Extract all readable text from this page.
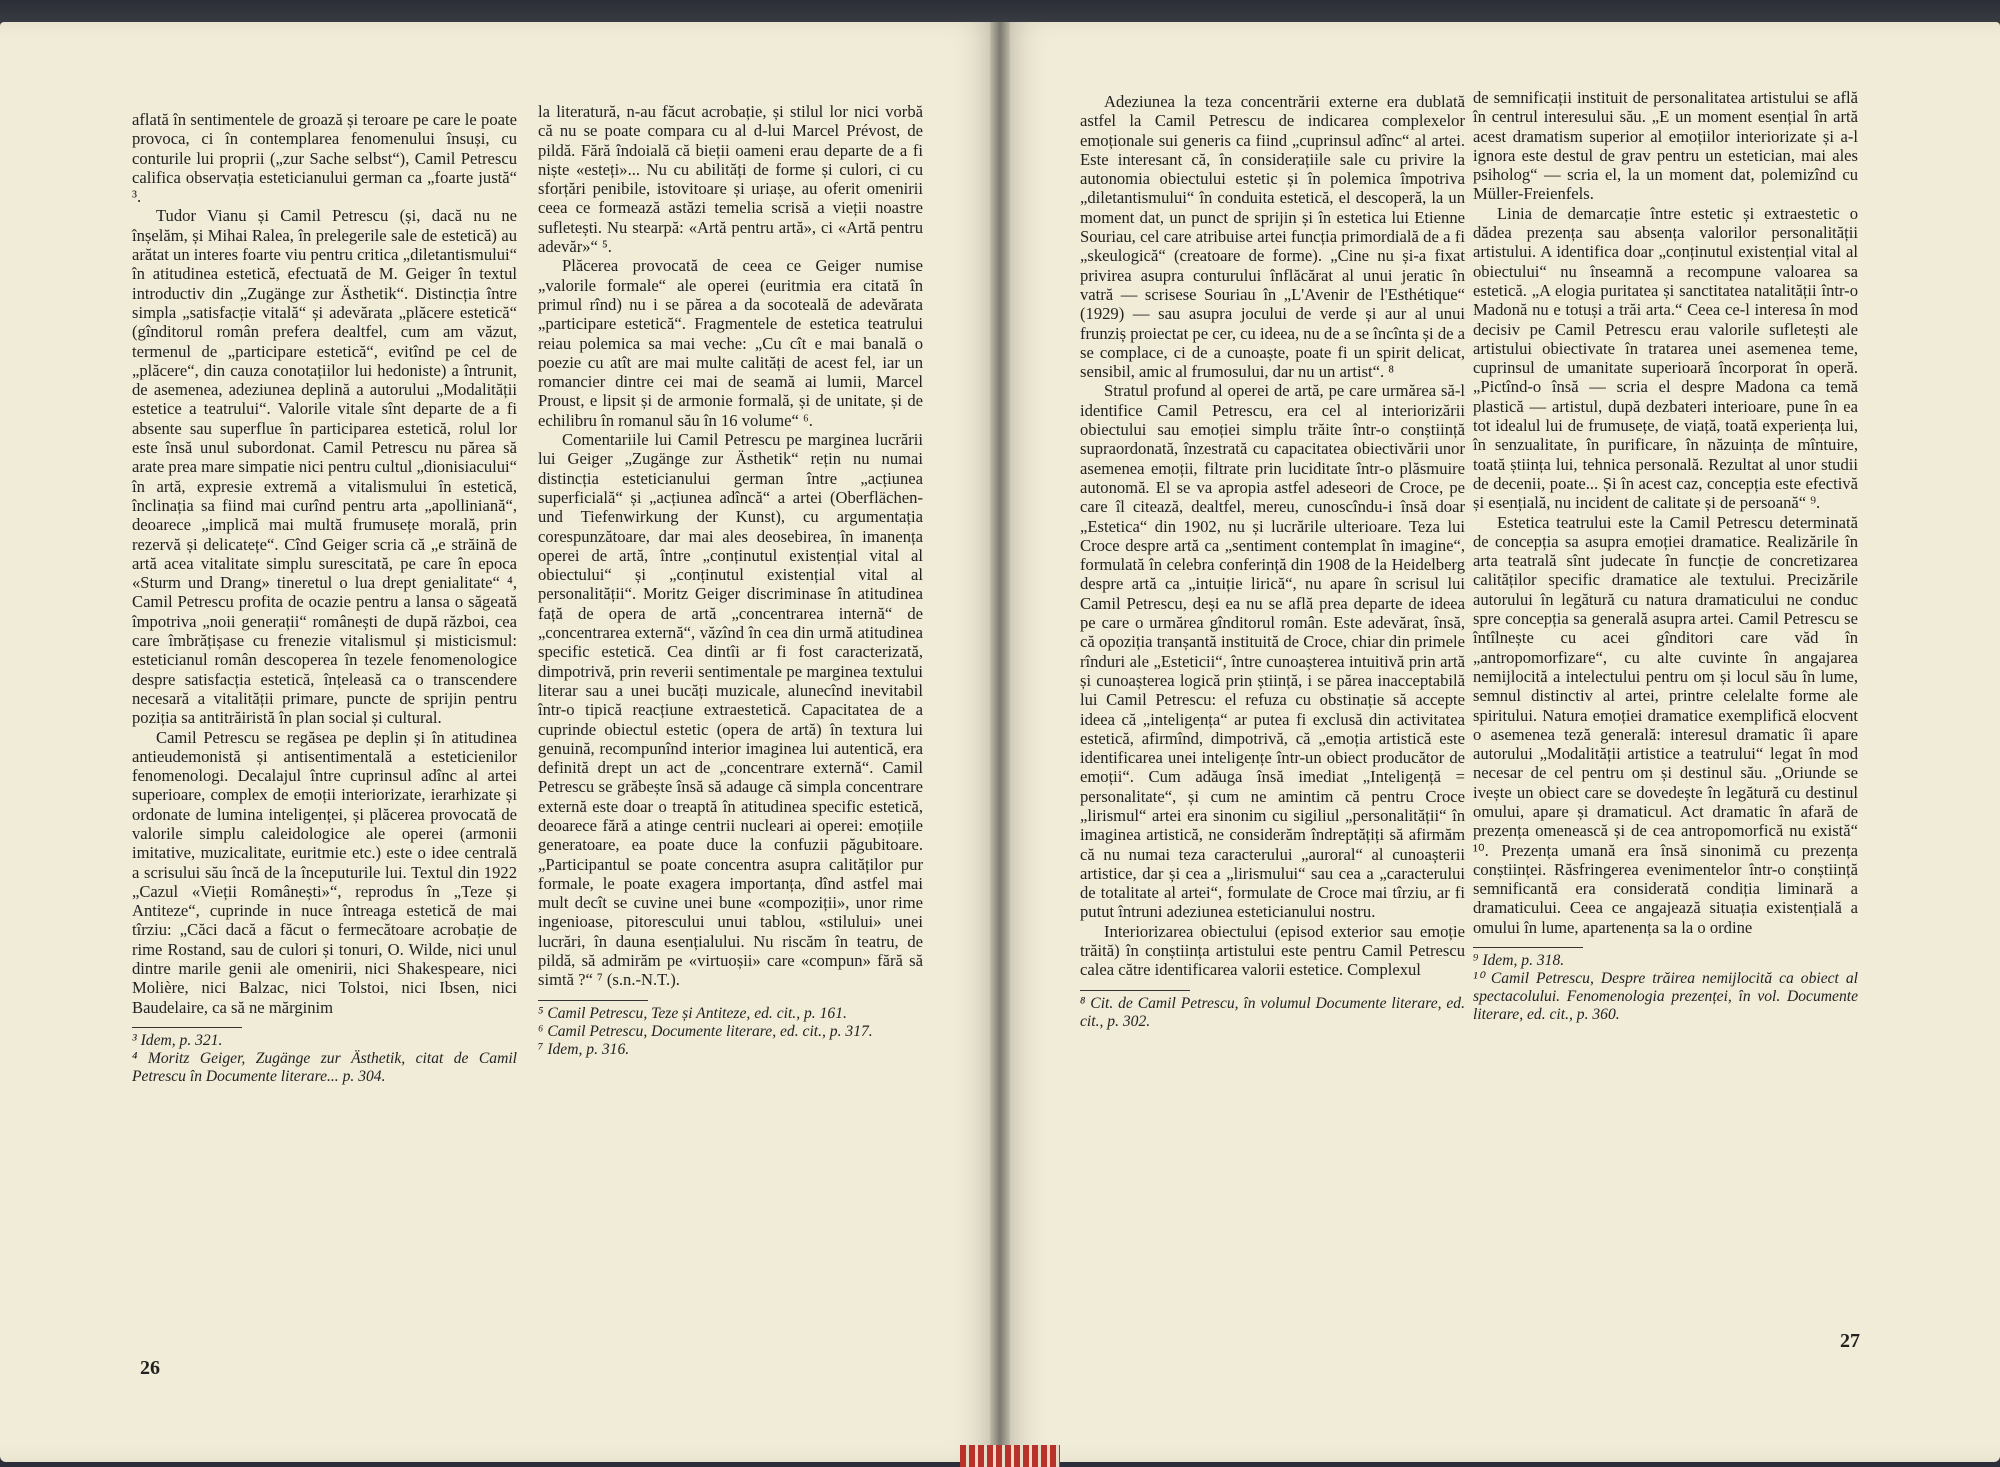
aflată în sentimentele de groază și teroare pe care le poate provoca, ci în contemplarea fenomenului însuși, cu conturile lui proprii („zur Sache selbst“), Camil Petrescu califica observația esteticianului german ca „foarte justă“ ³.

Tudor Vianu și Camil Petrescu (și, dacă nu ne înșelăm, și Mihai Ralea, în prelegerile sale de estetică) au arătat un interes foarte viu pentru critica „diletantismului“ în atitudinea estetică, efectuată de M. Geiger în textul introductiv din „Zugänge zur Ästhetik“. Distincția între simpla „satisfacție vitală“ și adevărata „plăcere estetică“ (gînditorul român prefera dealtfel, cum am văzut, termenul de „participare estetică“, evitînd pe cel de „plăcere“, din cauza conotațiilor lui hedoniste) a întrunit, de asemenea, adeziunea deplină a autorului „Modalității estetice a teatrului“. Valorile vitale sînt departe de a fi absente sau superflue în participarea estetică, rolul lor este însă unul subordonat. Camil Petrescu nu părea să arate prea mare simpatie nici pentru cultul „dionisiacului“ în artă, expresie extremă a vitalismului în estetică, înclinația sa fiind mai curînd pentru arta „apolliniană“, deoarece „implică mai multă frumusețe morală, prin rezervă și delicatețe“. Cînd Geiger scria că „e străină de artă acea vitalitate simplu surescitată, pe care în epoca «Sturm und Drang» tineretul o lua drept genialitate“ ⁴, Camil Petrescu profita de ocazie pentru a lansa o săgeată împotriva „noii generații“ românești de după război, cea care îmbrățișase cu frenezie vitalismul și misticismul: esteticianul român descoperea în tezele fenomenologice despre satisfacția estetică, înțeleasă ca o transcendere necesară a vitalității primare, puncte de sprijin pentru poziția sa antitrăiristă în plan social și cultural.

Camil Petrescu se regăsea pe deplin și în atitudinea antieudemonistă și antisentimentală a esteticienilor fenomenologi. Decalajul între cuprinsul adînc al artei superioare, complex de emoții interiorizate, ierarhizate și ordonate de lumina inteligenței, și plăcerea provocată de valorile simplu caleidologice ale operei (armonii imitative, muzicalitate, euritmie etc.) este o idee centrală a scrisului său încă de la începuturile lui. Textul din 1922 „Cazul «Vieții Românești»“, reprodus în „Teze și Antiteze“, cuprinde in nuce întreaga estetică de mai tîrziu: „Căci dacă a făcut o fermecătoare acrobație de rime Rostand, sau de culori și tonuri, O. Wilde, nici unul dintre marile genii ale omenirii, nici Shakespeare, nici Molière, nici Balzac, nici Tolstoi, nici Ibsen, nici Baudelaire, ca să ne mărginim

³ Idem, p. 321.

⁴ Moritz Geiger, Zugänge zur Ästhetik, citat de Camil Petrescu în Documente literare... p. 304.

la literatură, n-au făcut acrobație, și stilul lor nici vorbă că nu se poate compara cu al d-lui Marcel Prévost, de pildă. Fără îndoială că bieții oameni erau departe de a fi niște «esteți»... Nu cu abilități de forme și culori, ci cu sforțări penibile, istovitoare și uriașe, au oferit omenirii ceea ce formează astăzi temelia scrisă a vieții noastre sufletești. Nu stearpă: «Artă pentru artă», ci «Artă pentru adevăr»“ ⁵.

Plăcerea provocată de ceea ce Geiger numise „valorile formale“ ale operei (euritmia era citată în primul rînd) nu i se părea a da socoteală de adevărata „participare estetică“. Fragmentele de estetica teatrului reiau polemica sa mai veche: „Cu cît e mai banală o poezie cu atît are mai multe calități de acest fel, iar un romancier dintre cei mai de seamă ai lumii, Marcel Proust, e lipsit și de armonie formală, și de unitate, și de echilibru în romanul său în 16 volume“ ⁶.

Comentariile lui Camil Petrescu pe marginea lucrării lui Geiger „Zugänge zur Ästhetik“ rețin nu numai distincția esteticianului german între „acțiunea superficială“ și „acțiunea adîncă“ a artei (Oberflächen- und Tiefenwirkung der Kunst), cu argumentația corespunzătoare, dar mai ales deosebirea, în imanența operei de artă, între „conținutul existențial vital al obiectului“ și „conținutul existențial vital al personalității“. Moritz Geiger discriminase în atitudinea față de opera de artă „concentrarea internă“ de „concentrarea externă“, văzînd în cea din urmă atitudinea specific estetică. Cea dintîi ar fi fost caracterizată, dimpotrivă, prin reverii sentimentale pe marginea textului literar sau a unei bucăți muzicale, alunecînd inevitabil într-o tipică reacțiune extraestetică. Capacitatea de a cuprinde obiectul estetic (opera de artă) în textura lui genuină, recompunînd interior imaginea lui autentică, era definită drept un act de „concentrare externă“. Camil Petrescu se grăbește însă să adauge că simpla concentrare externă este doar o treaptă în atitudinea specific estetică, deoarece fără a atinge centrii nucleari ai operei: emoțiile generatoare, ea poate duce la confuzii păgubitoare. „Participantul se poate concentra asupra calităților pur formale, le poate exagera importanța, dînd astfel mai mult decît se cuvine unei bune «compoziții», unor rime ingenioase, pitorescului unui tablou, «stilului» unei lucrări, în dauna esențialului. Nu riscăm în teatru, de pildă, să admirăm pe «virtuoșii» care «compun» fără să simtă ?“ ⁷ (s.n.-N.T.).

⁵ Camil Petrescu, Teze și Antiteze, ed. cit., p. 161.

⁶ Camil Petrescu, Documente literare, ed. cit., p. 317.

⁷ Idem, p. 316.

26

Adeziunea la teza concentrării externe era dublată astfel la Camil Petrescu de indicarea complexelor emoționale sui generis ca fiind „cuprinsul adînc“ al artei. Este interesant că, în considerațiile sale cu privire la autonomia obiectului estetic și în polemica împotriva „diletantismului“ în conduita estetică, el descoperă, la un moment dat, un punct de sprijin și în estetica lui Etienne Souriau, cel care atribuise artei funcția primordială de a fi „skeulogică“ (creatoare de forme). „Cine nu și-a fixat privirea asupra conturului înflăcărat al unui jeratic în vatră — scrisese Souriau în „L'Avenir de l'Esthétique“ (1929) — sau asupra jocului de verde și aur al unui frunziș proiectat pe cer, cu ideea, nu de a se încînta și de a se complace, ci de a cunoaște, poate fi un spirit delicat, sensibil, amic al frumosului, dar nu un artist“. ⁸

Stratul profund al operei de artă, pe care urmărea să-l identifice Camil Petrescu, era cel al interiorizării obiectului sau emoției simplu trăite într-o conștiință supraordonată, înzestrată cu capacitatea obiectivării unor asemenea emoții, filtrate prin luciditate într-o plăsmuire autonomă. El se va apropia astfel adeseori de Croce, pe care îl citează, dealtfel, mereu, cunoscîndu-i însă doar „Estetica“ din 1902, nu și lucrările ulterioare. Teza lui Croce despre artă ca „sentiment contemplat în imagine“, formulată în celebra conferință din 1908 de la Heidelberg despre artă ca „intuiție lirică“, nu apare în scrisul lui Camil Petrescu, deși ea nu se află prea departe de ideea pe care o urmărea gînditorul român. Este adevărat, însă, că opoziția tranșantă instituită de Croce, chiar din primele rînduri ale „Esteticii“, între cunoașterea intuitivă prin artă și cunoașterea logică prin știință, i se părea inacceptabilă lui Camil Petrescu: el refuza cu obstinație să accepte ideea că „inteligența“ ar putea fi exclusă din activitatea estetică, afirmînd, dimpotrivă, că „emoția artistică este identificarea unei inteligențe într-un obiect producător de emoții“. Cum adăuga însă imediat „Inteligență = personalitate“, și cum ne amintim că pentru Croce „lirismul“ artei era sinonim cu sigiliul „personalității“ în imaginea artistică, ne considerăm îndreptățiți să afirmăm că nu numai teza caracterului „auroral“ al cunoașterii artistice, dar și cea a „lirismului“ sau cea a „caracterului de totalitate al artei“, formulate de Croce mai tîrziu, ar fi putut întruni adeziunea esteticianului nostru.

Interiorizarea obiectului (episod exterior sau emoție trăită) în conștiința artistului este pentru Camil Petrescu calea către identificarea valorii estetice. Complexul

⁸ Cit. de Camil Petrescu, în volumul Documente literare, ed. cit., p. 302.

de semnificații instituit de personalitatea artistului se află în centrul interesului său. „E un moment esențial în artă acest dramatism superior al emoțiilor interiorizate și a-l ignora este destul de grav pentru un estetician, mai ales psiholog“ — scria el, la un moment dat, polemizînd cu Müller-Freienfels.

Linia de demarcație între estetic și extraestetic o dădea prezența sau absența valorilor personalității artistului. A identifica doar „conținutul existențial vital al obiectului“ nu înseamnă a recompune valoarea sa estetică. „A elogia puritatea și sanctitatea natalității într-o Madonă nu e totuși a trăi arta.“ Ceea ce-l interesa în mod decisiv pe Camil Petrescu erau valorile sufletești ale artistului obiectivate în tratarea unei asemenea teme, cuprinsul de umanitate superioară încorporat în operă. „Pictînd-o însă — scria el despre Madona ca temă plastică — artistul, după dezbateri interioare, pune în ea tot idealul lui de frumusețe, de viață, toată experiența lui, în senzualitate, în purificare, în năzuința de mîntuire, toată știința lui, tehnica personală. Rezultat al unor studii de decenii, poate... Și în acest caz, concepția este efectivă și esențială, nu incident de calitate și de persoană“ ⁹.

Estetica teatrului este la Camil Petrescu determinată de concepția sa asupra emoției dramatice. Realizările în arta teatrală sînt judecate în funcție de concretizarea calităților specific dramatice ale textului. Precizările autorului în legătură cu natura dramaticului ne conduc spre concepția sa generală asupra artei. Camil Petrescu se întîlnește cu acei gînditori care văd în „antropomorfizare“, cu alte cuvinte în angajarea nemijlocită a intelectului pentru om și locul său în lume, semnul distinctiv al artei, printre celelalte forme ale spiritului. Natura emoției dramatice exemplifică elocvent o asemenea teză generală: interesul dramatic îi apare autorului „Modalității artistice a teatrului“ legat în mod necesar de cel pentru om și destinul său. „Oriunde se ivește un obiect care se dovedește în legătură cu destinul omului, apare și dramaticul. Act dramatic în afară de prezența omenească și de cea antropomorfică nu există“ ¹⁰. Prezența umană era însă sinonimă cu prezența conștiinței. Răsfringerea evenimentelor într-o conștiință semnificantă era considerată condiția liminară a dramaticului. Ceea ce angajează situația existențială a omului în lume, apartenența sa la o ordine

⁹ Idem, p. 318.

¹⁰ Camil Petrescu, Despre trăirea nemijlocită ca obiect al spectacolului. Fenomenologia prezenței, în vol. Documente literare, ed. cit., p. 360.

27
